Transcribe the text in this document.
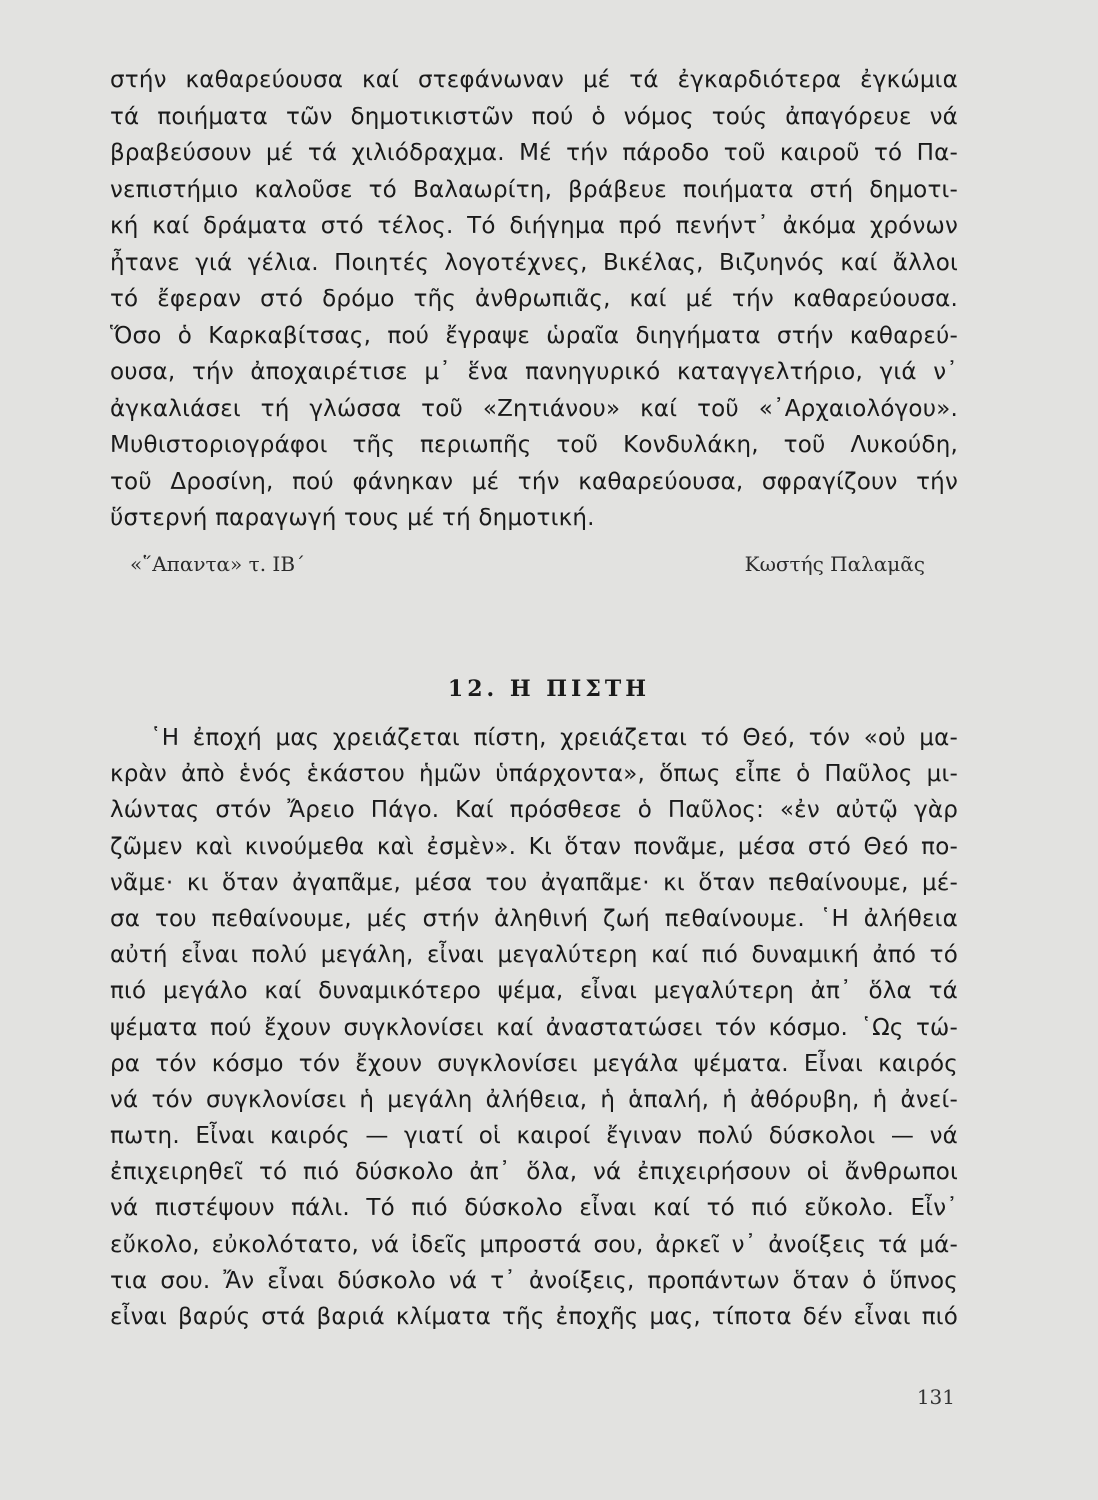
στήν καθαρεύουσα καί στεφάνωναν μέ τά ἐγκαρδιότερα ἐγκώμια
τά ποιήματα τῶν δημοτικιστῶν πού ὁ νόμος τούς ἀπαγόρευε νά
βραβεύσουν μέ τά χιλιόδραχμα. Μέ τήν πάροδο τοῦ καιροῦ τό Πα-
νεπιστήμιο καλοῦσε τό Βαλαωρίτη, βράβευε ποιήματα στή δημοτι-
κή καί δράματα στό τέλος. Τό διήγημα πρό πενήντ᾽ ἀκόμα χρόνων
ἦτανε γιά γέλια. Ποιητές λογοτέχνες, Βικέλας, Βιζυηνός καί ἄλλοι
τό ἔφεραν στό δρόμο τῆς ἀνθρωπιᾶς, καί μέ τήν καθαρεύουσα.
Ὅσο ὁ Καρκαβίτσας, πού ἔγραψε ὡραῖα διηγήματα στήν καθαρεύ-
ουσα, τήν ἀποχαιρέτισε μ᾽ ἕνα πανηγυρικό καταγγελτήριο, γιά ν᾽
ἀγκαλιάσει τή γλώσσα τοῦ «Ζητιάνου» καί τοῦ «᾽Αρχαιολόγου».
Μυθιστοριογράφοι τῆς περιωπῆς τοῦ Κονδυλάκη, τοῦ Λυκούδη,
τοῦ Δροσίνη, πού φάνηκαν μέ τήν καθαρεύουσα, σφραγίζουν τήν
ὕστερνή παραγωγή τους μέ τή δημοτική.
«῞Απαντα» τ. ΙΒ΄	Κωστής Παλαμᾶς
12. Η ΠΙΣΤΗ
῾Η ἐποχή μας χρειάζεται πίστη, χρειάζεται τό Θεό, τόν «οὐ μα-
κρὰν ἀπὸ ἑνός ἑκάστου ἡμῶν ὑπάρχοντα», ὅπως εἶπε ὁ Παῦλος μι-
λώντας στόν Ἄρειο Πάγο. Καί πρόσθεσε ὁ Παῦλος: «ἐν αὐτῷ γὰρ
ζῶμεν καὶ κινούμεθα καὶ ἐσμὲν». Κι ὅταν πονᾶμε, μέσα στό Θεό πο-
νᾶμε· κι ὅταν ἀγαπᾶμε, μέσα του ἀγαπᾶμε· κι ὅταν πεθαίνουμε, μέ-
σα του πεθαίνουμε, μές στήν ἀληθινή ζωή πεθαίνουμε. ῾Η ἀλήθεια
αὐτή εἶναι πολύ μεγάλη, εἶναι μεγαλύτερη καί πιό δυναμική ἀπό τό
πιό μεγάλο καί δυναμικότερο ψέμα, εἶναι μεγαλύτερη ἀπ᾽ ὅλα τά
ψέματα πού ἔχουν συγκλονίσει καί ἀναστατώσει τόν κόσμο. ῾Ως τώ-
ρα τόν κόσμο τόν ἔχουν συγκλονίσει μεγάλα ψέματα. Εἶναι καιρός
νά τόν συγκλονίσει ἡ μεγάλη ἀλήθεια, ἡ ἁπαλή, ἡ ἀθόρυβη, ἡ ἀνεί-
πωτη. Εἶναι καιρός — γιατί οἱ καιροί ἔγιναν πολύ δύσκολοι — νά
ἐπιχειρηθεῖ τό πιό δύσκολο ἀπ᾽ ὅλα, νά ἐπιχειρήσουν οἱ ἄνθρωποι
νά πιστέψουν πάλι. Τό πιό δύσκολο εἶναι καί τό πιό εὔκολο. Εἶν᾽
εὔκολο, εὐκολότατο, νά ἰδεῖς μπροστά σου, ἀρκεῖ ν᾽ ἀνοίξεις τά μά-
τια σου. Ἄν εἶναι δύσκολο νά τ᾽ ἀνοίξεις, προπάντων ὅταν ὁ ὕπνος
εἶναι βαρύς στά βαριά κλίματα τῆς ἐποχῆς μας, τίποτα δέν εἶναι πιό
131
